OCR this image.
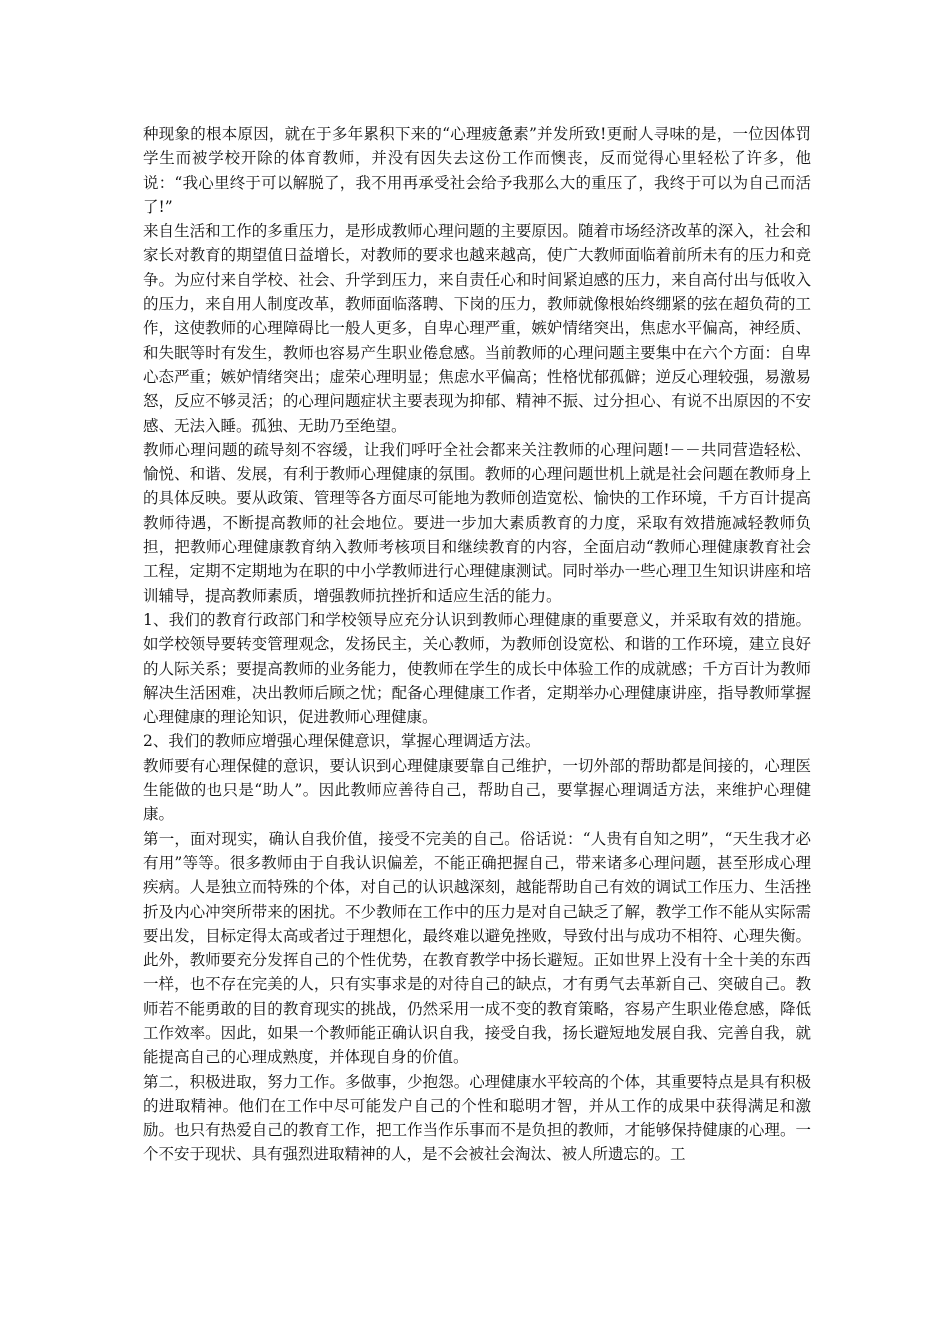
种现象的根本原因，就在于多年累积下来的“心理疲惫素”并发所致!更耐人寻味的是，一位因体罚学生而被学校开除的体育教师，并没有因失去这份工作而懊丧，反而觉得心里轻松了许多，他说：“我心里终于可以解脱了，我不用再承受社会给予我那么大的重压了，我终于可以为自己而活了!”

来自生活和工作的多重压力，是形成教师心理问题的主要原因。随着市场经济改革的深入，社会和家长对教育的期望值日益增长，对教师的要求也越来越高，使广大教师面临着前所未有的压力和竞争。为应付来自学校、社会、升学到压力，来自责任心和时间紧迫感的压力，来自高付出与低收入的压力，来自用人制度改革，教师面临落聘、下岗的压力，教师就像根始终绷紧的弦在超负荷的工作，这使教师的心理障碍比一般人更多，自卑心理严重，嫉妒情绪突出，焦虑水平偏高，神经质、和失眠等时有发生，教师也容易产生职业倦怠感。当前教师的心理问题主要集中在六个方面：自卑心态严重；嫉妒情绪突出；虚荣心理明显；焦虑水平偏高；性格忧郁孤僻；逆反心理较强，易激易怒，反应不够灵活；的心理问题症状主要表现为抑郁、精神不振、过分担心、有说不出原因的不安感、无法入睡。孤独、无助乃至绝望。

教师心理问题的疏导刻不容缓，让我们呼吁全社会都来关注教师的心理问题!－－共同营造轻松、愉悦、和谐、发展，有利于教师心理健康的氛围。教师的心理问题世机上就是社会问题在教师身上的具体反映。要从政策、管理等各方面尽可能地为教师创造宽松、愉快的工作环境，千方百计提高教师待遇，不断提高教师的社会地位。要进一步加大素质教育的力度，采取有效措施减轻教师负担，把教师心理健康教育纳入教师考核项目和继续教育的内容，全面启动“教师心理健康教育社会工程，定期不定期地为在职的中小学教师进行心理健康测试。同时举办一些心理卫生知识讲座和培训辅导，提高教师素质，增强教师抗挫折和适应生活的能力。

1、我们的教育行政部门和学校领导应充分认识到教师心理健康的重要意义，并采取有效的措施。如学校领导要转变管理观念，发扬民主，关心教师，为教师创设宽松、和谐的工作环境，建立良好的人际关系；要提高教师的业务能力，使教师在学生的成长中体验工作的成就感；千方百计为教师解决生活困难，决出教师后顾之忧；配备心理健康工作者，定期举办心理健康讲座，指导教师掌握心理健康的理论知识，促进教师心理健康。

2、我们的教师应增强心理保健意识，掌握心理调适方法。

教师要有心理保健的意识，要认识到心理健康要靠自己维护，一切外部的帮助都是间接的，心理医生能做的也只是“助人”。因此教师应善待自己，帮助自己，要掌握心理调适方法，来维护心理健康。

第一，面对现实，确认自我价值，接受不完美的自己。俗话说：“人贵有自知之明”，“天生我才必有用”等等。很多教师由于自我认识偏差，不能正确把握自己，带来诸多心理问题，甚至形成心理疾病。人是独立而特殊的个体，对自己的认识越深刻，越能帮助自己有效的调试工作压力、生活挫折及内心冲突所带来的困扰。不少教师在工作中的压力是对自己缺乏了解，教学工作不能从实际需要出发，目标定得太高或者过于理想化，最终难以避免挫败，导致付出与成功不相符、心理失衡。此外，教师要充分发挥自己的个性优势，在教育教学中扬长避短。正如世界上没有十全十美的东西一样，也不存在完美的人，只有实事求是的对待自己的缺点，才有勇气去革新自己、突破自己。教师若不能勇敢的目的教育现实的挑战，仍然采用一成不变的教育策略，容易产生职业倦怠感，降低工作效率。因此，如果一个教师能正确认识自我，接受自我，扬长避短地发展自我、完善自我，就能提高自己的心理成熟度，并体现自身的价值。

第二，积极进取，努力工作。多做事，少抱怨。心理健康水平较高的个体，其重要特点是具有积极的进取精神。他们在工作中尽可能发户自己的个性和聪明才智，并从工作的成果中获得满足和激励。也只有热爱自己的教育工作，把工作当作乐事而不是负担的教师，才能够保持健康的心理。一个不安于现状、具有强烈进取精神的人，是不会被社会淘汰、被人所遗忘的。工
